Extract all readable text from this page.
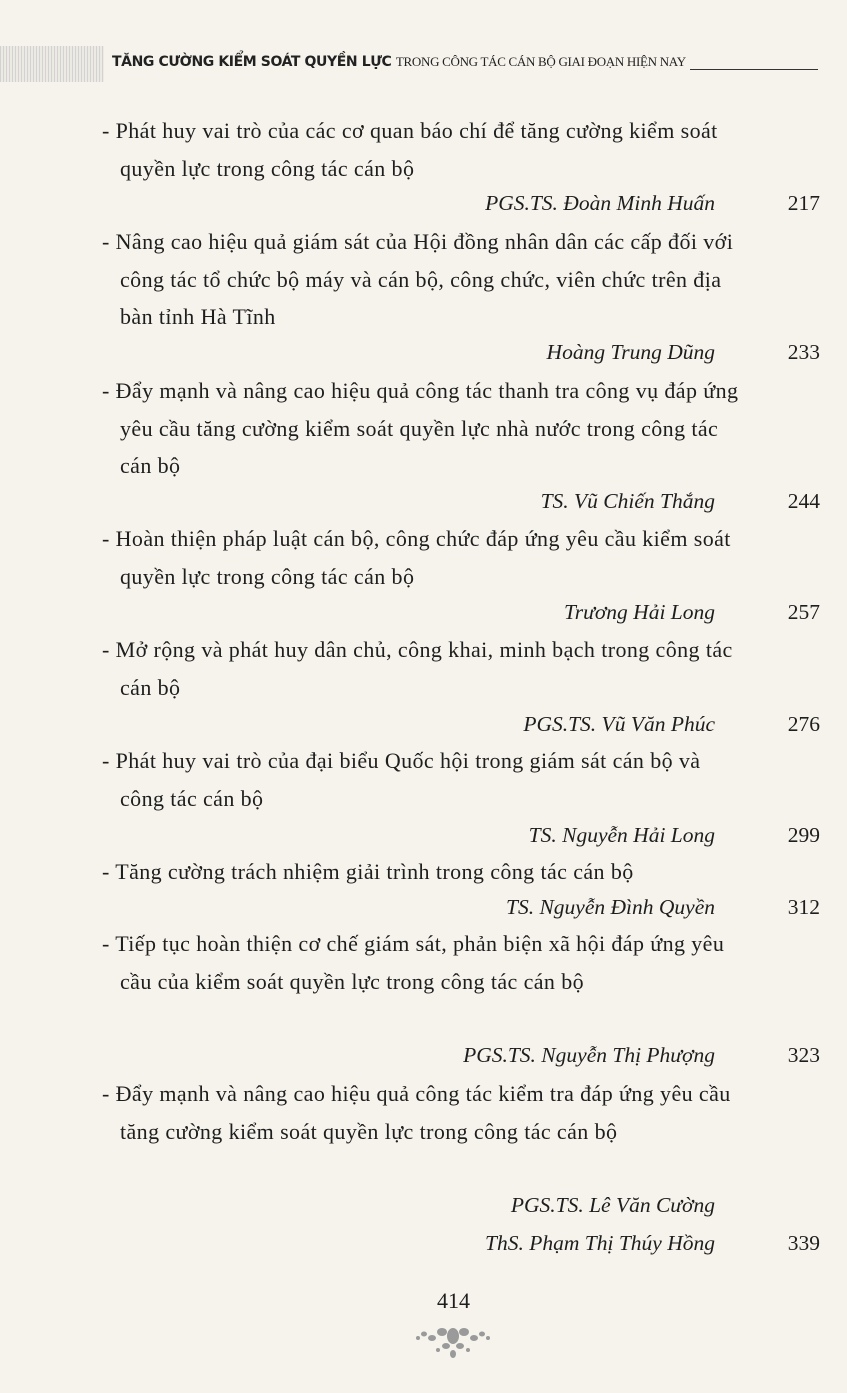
TĂNG CƯỜNG KIỂM SOÁT QUYỀN LỰC TRONG CÔNG TÁC CÁN BỘ GIAI ĐOẠN HIỆN NAY
- Phát huy vai trò của các cơ quan báo chí để tăng cường kiểm soát quyền lực trong công tác cán bộ
PGS.TS. Đoàn Minh Huấn	217
- Nâng cao hiệu quả giám sát của Hội đồng nhân dân các cấp đối với công tác tổ chức bộ máy và cán bộ, công chức, viên chức trên địa bàn tỉnh Hà Tĩnh
Hoàng Trung Dũng	233
- Đẩy mạnh và nâng cao hiệu quả công tác thanh tra công vụ đáp ứng yêu cầu tăng cường kiểm soát quyền lực nhà nước trong công tác cán bộ
TS. Vũ Chiến Thắng	244
- Hoàn thiện pháp luật cán bộ, công chức đáp ứng yêu cầu kiểm soát quyền lực trong công tác cán bộ
Trương Hải Long	257
- Mở rộng và phát huy dân chủ, công khai, minh bạch trong công tác cán bộ
PGS.TS. Vũ Văn Phúc	276
- Phát huy vai trò của đại biểu Quốc hội trong giám sát cán bộ và công tác cán bộ
TS. Nguyễn Hải Long	299
- Tăng cường trách nhiệm giải trình trong công tác cán bộ
TS. Nguyễn Đình Quyền	312
- Tiếp tục hoàn thiện cơ chế giám sát, phản biện xã hội đáp ứng yêu cầu của kiểm soát quyền lực trong công tác cán bộ
PGS.TS. Nguyễn Thị Phượng	323
- Đẩy mạnh và nâng cao hiệu quả công tác kiểm tra đáp ứng yêu cầu tăng cường kiểm soát quyền lực trong công tác cán bộ
PGS.TS. Lê Văn Cường
ThS. Phạm Thị Thúy Hồng	339
414
